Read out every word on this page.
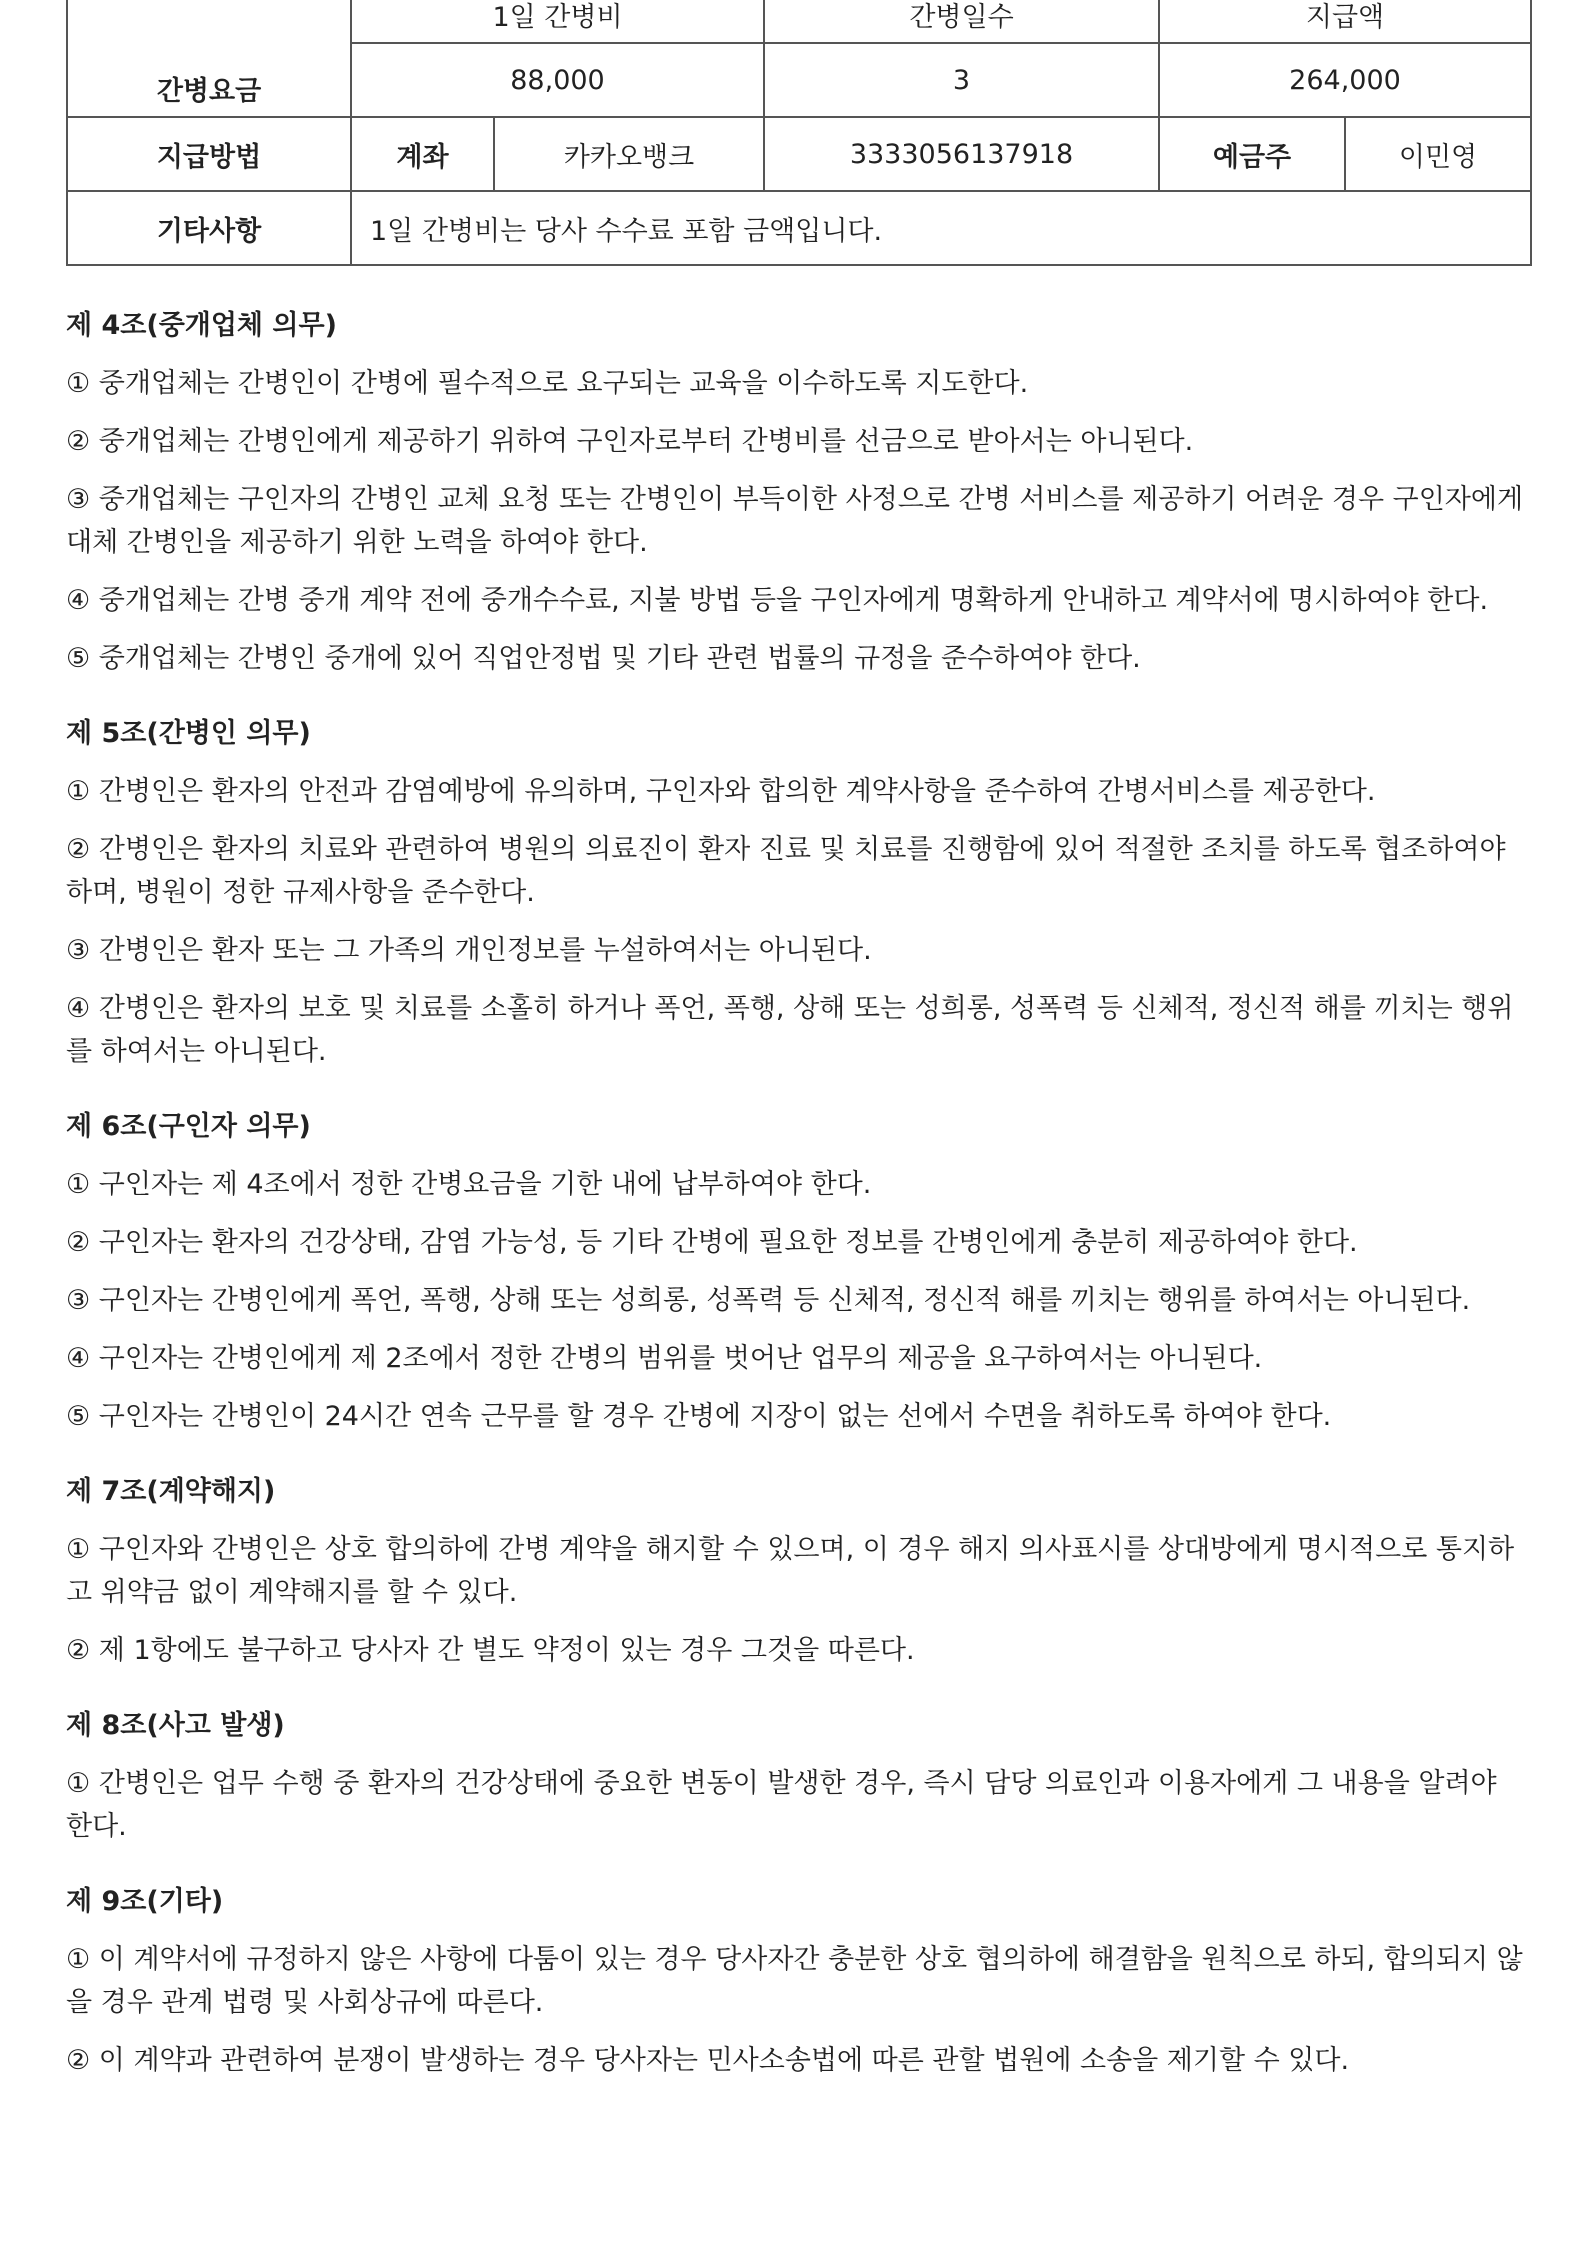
간병요금	1일 간병비		간병일수	지급액	
	88,000		3	264,000	
지급방법	계좌	카카오뱅크	3333056137918	예금주	이민영
기타사항	1일 간병비는 당사 수수료 포함 금액입니다.				
제 4조(중개업체 의무)
① 중개업체는 간병인이 간병에 필수적으로 요구되는 교육을 이수하도록 지도한다.
② 중개업체는 간병인에게 제공하기 위하여 구인자로부터 간병비를 선금으로 받아서는 아니된다.
③ 중개업체는 구인자의 간병인 교체 요청 또는 간병인이 부득이한 사정으로 간병 서비스를 제공하기 어려운 경우 구인자에게 대체 간병인을 제공하기 위한 노력을 하여야 한다.
④ 중개업체는 간병 중개 계약 전에 중개수수료, 지불 방법 등을 구인자에게 명확하게 안내하고 계약서에 명시하여야 한다.
⑤ 중개업체는 간병인 중개에 있어 직업안정법 및 기타 관련 법률의 규정을 준수하여야 한다.
제 5조(간병인 의무)
① 간병인은 환자의 안전과 감염예방에 유의하며, 구인자와 합의한 계약사항을 준수하여 간병서비스를 제공한다.
② 간병인은 환자의 치료와 관련하여 병원의 의료진이 환자 진료 및 치료를 진행함에 있어 적절한 조치를 하도록 협조하여야 하며, 병원이 정한 규제사항을 준수한다.
③ 간병인은 환자 또는 그 가족의 개인정보를 누설하여서는 아니된다.
④ 간병인은 환자의 보호 및 치료를 소홀히 하거나 폭언, 폭행, 상해 또는 성희롱, 성폭력 등 신체적, 정신적 해를 끼치는 행위를 하여서는 아니된다.
제 6조(구인자 의무)
① 구인자는 제 4조에서 정한 간병요금을 기한 내에 납부하여야 한다.
② 구인자는 환자의 건강상태, 감염 가능성, 등 기타 간병에 필요한 정보를 간병인에게 충분히 제공하여야 한다.
③ 구인자는 간병인에게 폭언, 폭행, 상해 또는 성희롱, 성폭력 등 신체적, 정신적 해를 끼치는 행위를 하여서는 아니된다.
④ 구인자는 간병인에게 제 2조에서 정한 간병의 범위를 벗어난 업무의 제공을 요구하여서는 아니된다.
⑤ 구인자는 간병인이 24시간 연속 근무를 할 경우 간병에 지장이 없는 선에서 수면을 취하도록 하여야 한다.
제 7조(계약해지)
① 구인자와 간병인은 상호 합의하에 간병 계약을 해지할 수 있으며, 이 경우 해지 의사표시를 상대방에게 명시적으로 통지하고 위약금 없이 계약해지를 할 수 있다.
② 제 1항에도 불구하고 당사자 간 별도 약정이 있는 경우 그것을 따른다.
제 8조(사고 발생)
① 간병인은 업무 수행 중 환자의 건강상태에 중요한 변동이 발생한 경우, 즉시 담당 의료인과 이용자에게 그 내용을 알려야 한다.
제 9조(기타)
① 이 계약서에 규정하지 않은 사항에 다툼이 있는 경우 당사자간 충분한 상호 협의하에 해결함을 원칙으로 하되, 합의되지 않을 경우 관계 법령 및 사회상규에 따른다.
② 이 계약과 관련하여 분쟁이 발생하는 경우 당사자는 민사소송법에 따른 관할 법원에 소송을 제기할 수 있다.
